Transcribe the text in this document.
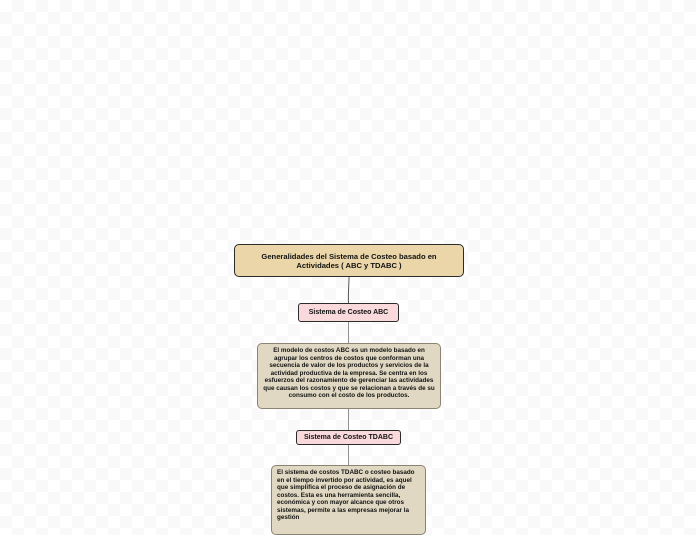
Generalidades del Sistema de Costeo basado en Actividades ( ABC y TDABC )
Sistema de Costeo ABC
El modelo de costos ABC es un modelo basado en agrupar los centros de costos que conforman una secuencia de valor de los productos y servicios de la actividad productiva de la empresa. Se centra en los esfuerzos del razonamiento de gerenciar las actividades que causan los costos y que se relacionan a través de su consumo con el costo de los productos.
Sistema de Costeo TDABC
El sistema de costos TDABC o costeo basado en el tiempo invertido por actividad, es aquel que simplifica el proceso de asignación de costos. Esta es una herramienta sencilla, económica y con mayor alcance que otros sistemas, permite a las empresas mejorar la gestión
